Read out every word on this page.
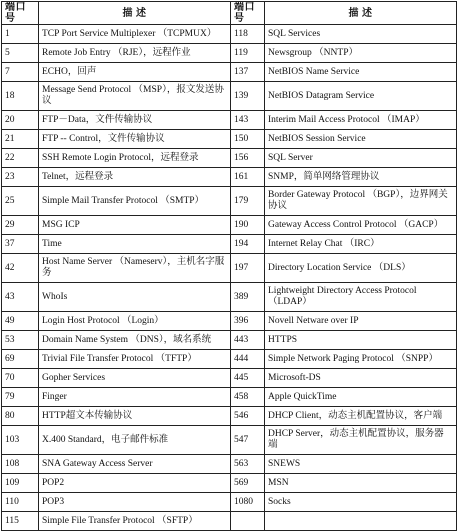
端口号	描 述	端口号	描 述
1	TCP Port Service Multiplexer （TCPMUX）	118	SQL Services
5	Remote Job Entry （RJE），远程作业	119	Newsgroup （NNTP）
7	ECHO，回声	137	NetBIOS Name Service
18	Message Send Protocol （MSP），报文发送协议	139	NetBIOS Datagram Service
20	FTP－Data，文件传输协议	143	Interim Mail Access Protocol （IMAP）
21	FTP -- Control，文件传输协议	150	NetBIOS Session Service
22	SSH Remote Login Protocol，远程登录	156	SQL Server
23	Telnet，远程登录	161	SNMP，简单网络管理协议
25	Simple Mail Transfer Protocol （SMTP）	179	Border Gateway Protocol （BGP），边界网关协议
29	MSG ICP	190	Gateway Access Control Protocol （GACP）
37	Time	194	Internet Relay Chat （IRC）
42	Host Name Server （Nameserv），主机名字服务	197	Directory Location Service （DLS）
43	WhoIs	389	Lightweight Directory Access Protocol （LDAP）
49	Login Host Protocol （Login）	396	Novell Netware over IP
53	Domain Name System （DNS），域名系统	443	HTTPS
69	Trivial File Transfer Protocol （TFTP）	444	Simple Network Paging Protocol （SNPP）
70	Gopher Services	445	Microsoft-DS
79	Finger	458	Apple QuickTime
80	HTTP超文本传输协议	546	DHCP Client，动态主机配置协议，客户端
103	X.400 Standard，电子邮件标准	547	DHCP Server，动态主机配置协议，服务器端
108	SNA Gateway Access Server	563	SNEWS
109	POP2	569	MSN
110	POP3	1080	Socks
115	Simple File Transfer Protocol （SFTP）		
